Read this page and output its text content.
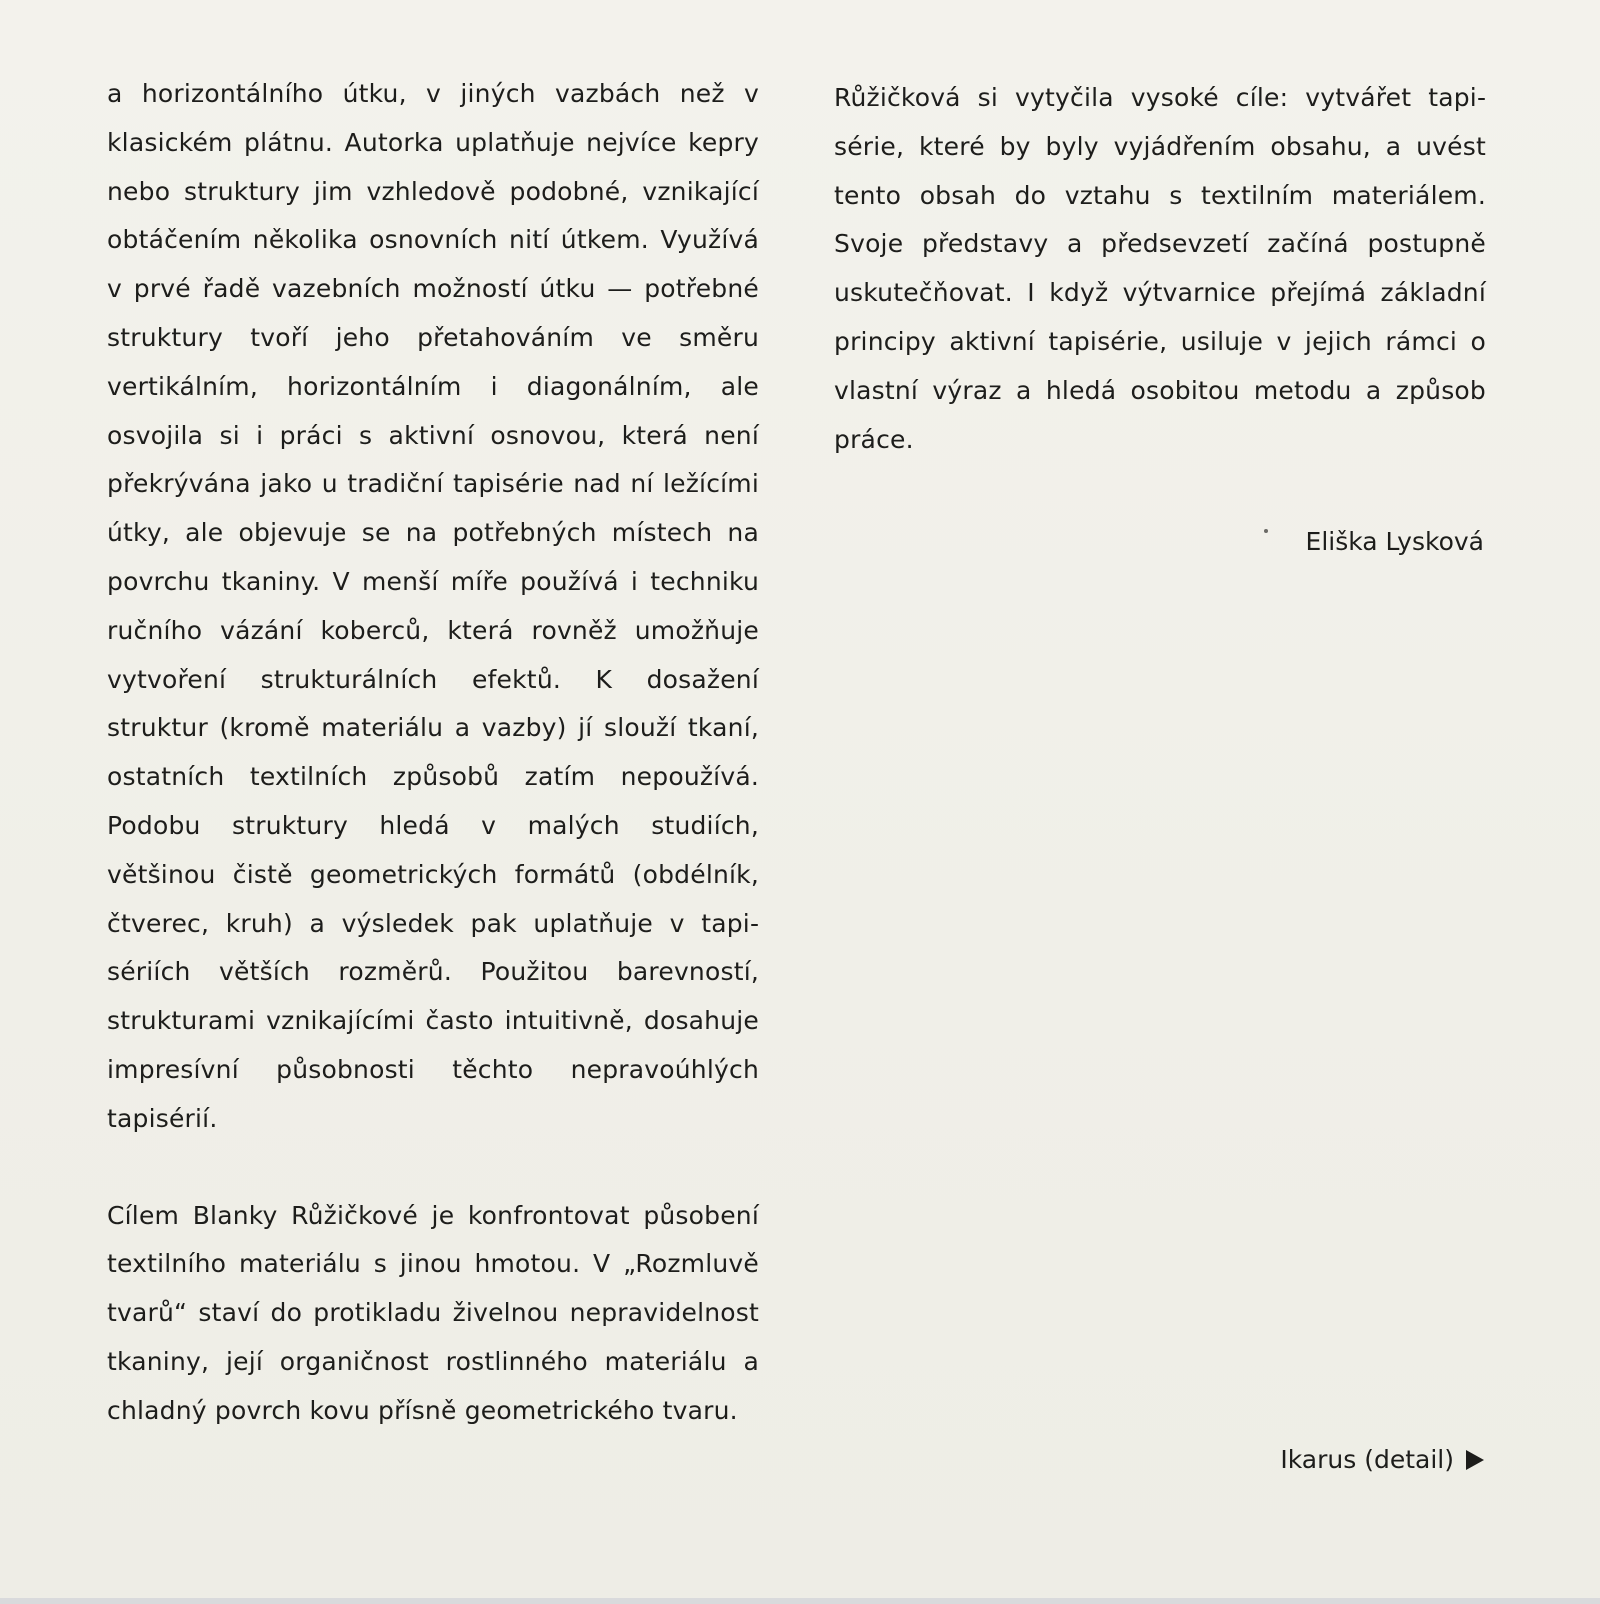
a horizontálního útku, v jiných vazbách než v klasickém plátnu. Autorka uplatňuje nejvíce kepry nebo struktury jim vzhledově podobné, vznikající obtáčením několika osnovních nití útkem. Využívá v prvé řadě vazebních možností útku — potřebné struktury tvoří jeho přetahováním ve směru vertikálním, horizontálním i diagonálním, ale osvojila si i práci s aktivní osnovou, která není překrývána jako u tradiční tapisérie nad ní ležícími útky, ale objevuje se na potřebných místech na povrchu tkaniny. V menší míře používá i techniku ručního vázání koberců, která rovněž umožňuje vytvoření strukturálních efektů. K dosažení struktur (kromě materiálu a vazby) jí slouží tkaní, ostatních textilních způsobů zatím nepoužívá. Podobu struktury hledá v malých studiích, většinou čistě geometrických formátů (obdélník, čtverec, kruh) a výsledek pak uplatňuje v tapisériích větších rozměrů. Použitou barevností, strukturami vznikajícími často intuitivně, dosahuje impresívní působnosti těchto nepravoúhlých tapisérií.

Cílem Blanky Růžičkové je konfrontovat působení textilního materiálu s jinou hmotou. V „Rozmluvě tvarů“ staví do protikladu živelnou nepravidelnost tkaniny, její organičnost rostlinného materiálu a chladný povrch kovu přísně geometrického tvaru.

Růžičková si vytyčila vysoké cíle: vytvářet tapisérie, které by byly vyjádřením obsahu, a uvést tento obsah do vztahu s textilním materiálem. Svoje představy a předsevzetí začíná postupně uskutečňovat. I když výtvarnice přejímá základní principy aktivní tapisérie, usiluje v jejich rámci o vlastní výraz a hledá osobitou metodu a způsob práce.

Eliška Lysková
Ikarus (detail)
